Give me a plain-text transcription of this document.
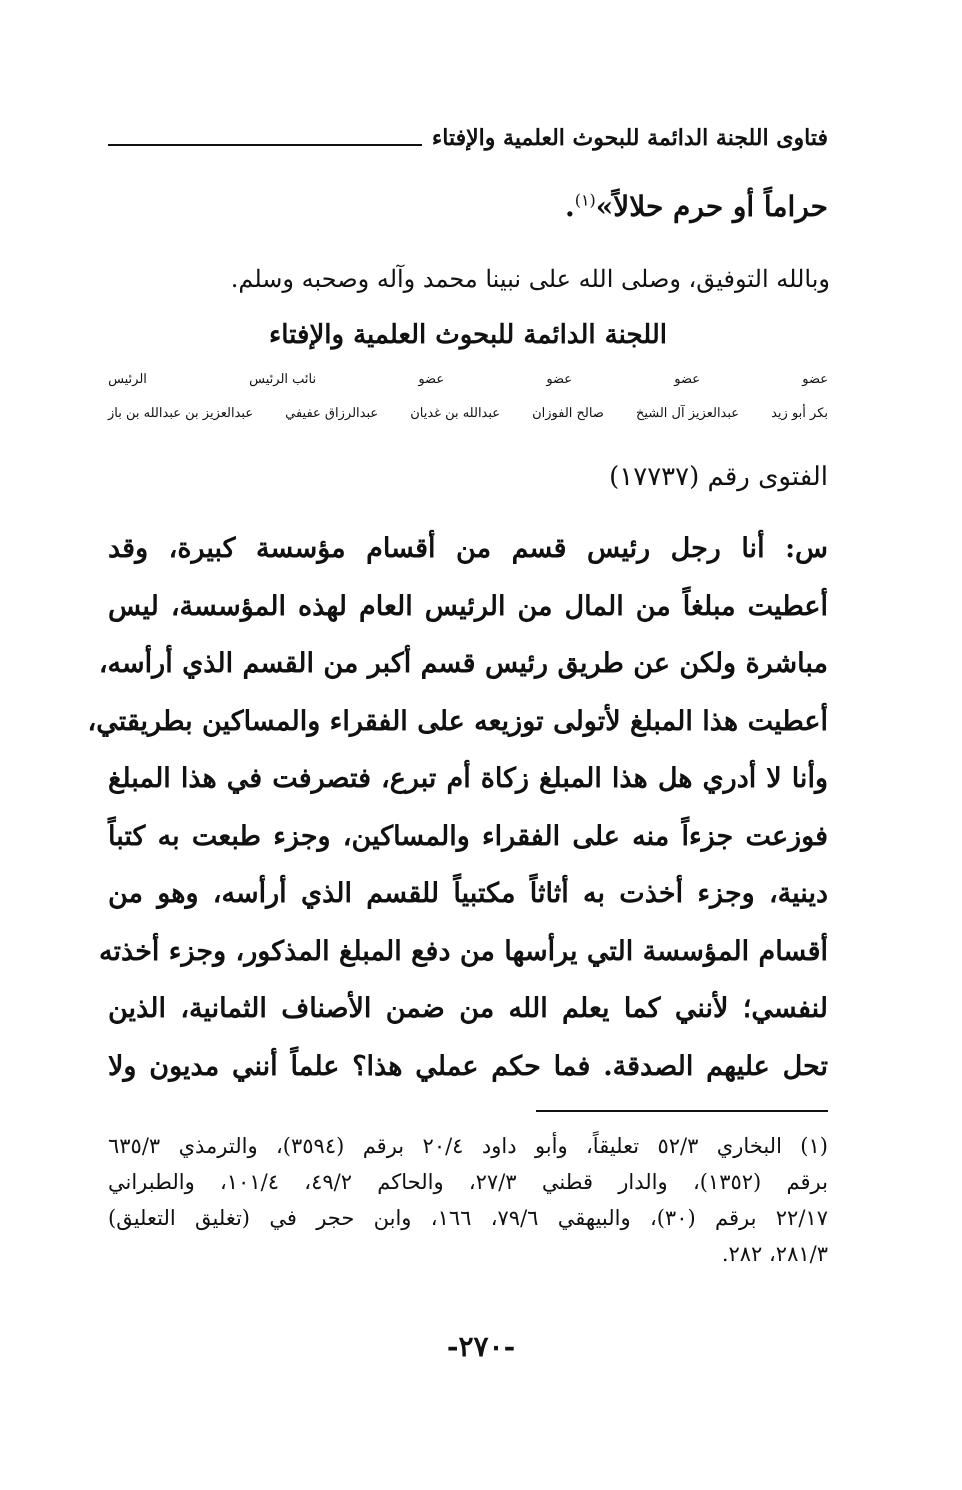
فتاوى اللجنة الدائمة للبحوث العلمية والإفتاء
حراماً أو حرم حلالاً»$^{(١)}$.
وبالله التوفيق، وصلى الله على نبينا محمد وآله وصحبه وسلم.
اللجنة الدائمة للبحوث العلمية والإفتاء
عضو
عضو
عضو
عضو
نائب الرئيس
الرئيس
بكر أبو زيد
عبدالعزيز آل الشيخ
صالح الفوزان
عبدالله بن غديان
عبدالرزاق عفيفي
عبدالعزيز بن عبدالله بن باز
الفتوى رقم (١٧٧٣٧)
س: أنا رجل رئيس قسم من أقسام مؤسسة كبيرة، وقد
أعطيت مبلغاً من المال من الرئيس العام لهذه المؤسسة، ليس
مباشرة ولكن عن طريق رئيس قسم أكبر من القسم الذي أرأسه،
أعطيت هذا المبلغ لأتولى توزيعه على الفقراء والمساكين بطريقتي،
وأنا لا أدري هل هذا المبلغ زكاة أم تبرع، فتصرفت في هذا المبلغ
فوزعت جزءاً منه على الفقراء والمساكين، وجزء طبعت به كتباً
دينية، وجزء أخذت به أثاثاً مكتبياً للقسم الذي أرأسه، وهو من
أقسام المؤسسة التي يرأسها من دفع المبلغ المذكور، وجزء أخذته
لنفسي؛ لأنني كما يعلم الله من ضمن الأصناف الثمانية، الذين
تحل عليهم الصدقة. فما حكم عملي هذا؟ علماً أنني مديون ولا
(١) البخاري ٥٢/٣ تعليقاً، وأبو داود ٢٠/٤ برقم (٣٥٩٤)، والترمذي ٦٣٥/٣
برقم (١٣٥٢)، والدار قطني ٢٧/٣، والحاكم ٤٩/٢، ١٠١/٤، والطبراني
٢٢/١٧ برقم (٣٠)، والبيهقي ٧٩/٦، ١٦٦، وابن حجر في (تغليق التعليق)
٢٨١/٣، ٢٨٢.
-٢٧٠-
